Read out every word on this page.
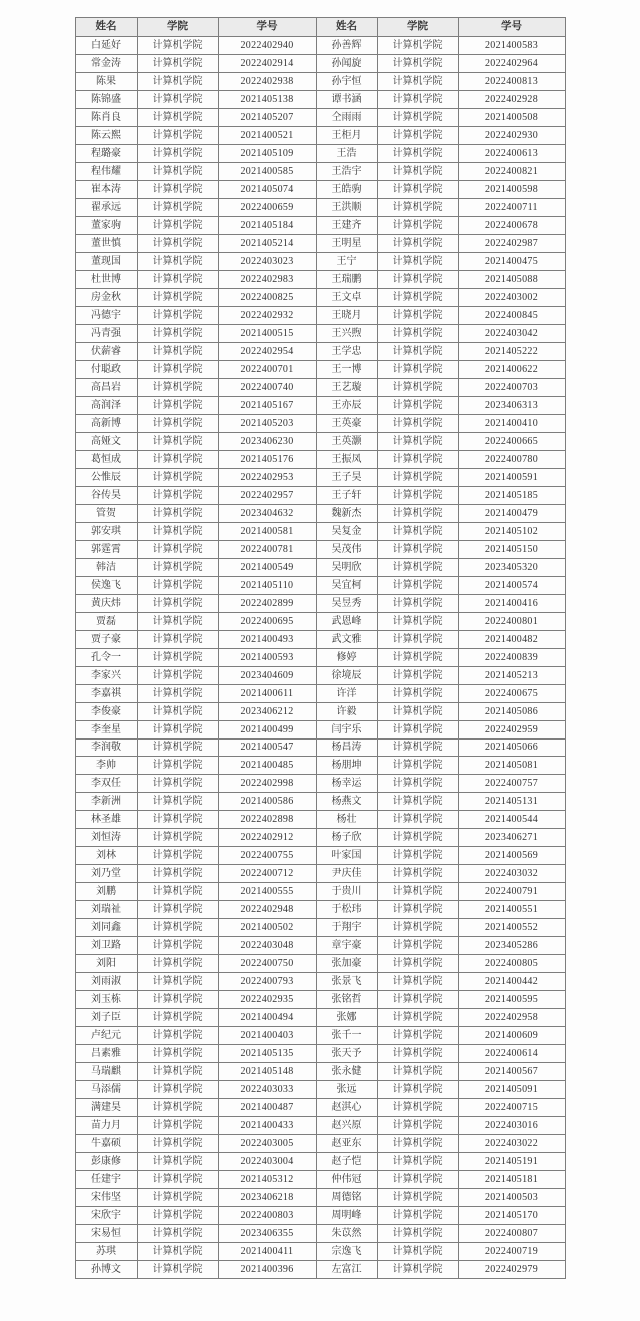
姓名	学院	学号	姓名	学院	学号
白延好	计算机学院	2022402940	孙善辉	计算机学院	2021400583
常金涛	计算机学院	2022402914	孙闻旋	计算机学院	2022402964
陈果	计算机学院	2022402938	孙宇恒	计算机学院	2022400813
陈锦盛	计算机学院	2021405138	谭书涵	计算机学院	2022402928
陈肖良	计算机学院	2021405207	仝雨雨	计算机学院	2021400508
陈云熙	计算机学院	2021400521	王柜月	计算机学院	2022402930
程璐豪	计算机学院	2021405109	王浩	计算机学院	2022400613
程伟耀	计算机学院	2021400585	王浩宇	计算机学院	2022400821
崔本涛	计算机学院	2021405074	王皓驹	计算机学院	2021400598
翟承远	计算机学院	2022400659	王洪顺	计算机学院	2022400711
董家驹	计算机学院	2021405184	王建齐	计算机学院	2022400678
董世慎	计算机学院	2021405214	王明星	计算机学院	2022402987
董现国	计算机学院	2022403023	王宁	计算机学院	2021400475
杜世博	计算机学院	2022402983	王瑞鹏	计算机学院	2021405088
房金秋	计算机学院	2022400825	王文卓	计算机学院	2022403002
冯德宇	计算机学院	2022402932	王晓月	计算机学院	2022400845
冯青强	计算机学院	2021400515	王兴煦	计算机学院	2022403042
伏薪睿	计算机学院	2022402954	王学忠	计算机学院	2021405222
付聪政	计算机学院	2022400701	王一博	计算机学院	2021400622
高昌岩	计算机学院	2022400740	王艺璇	计算机学院	2022400703
高润泽	计算机学院	2021405167	王亦辰	计算机学院	2023406313
高新博	计算机学院	2021405203	王英豪	计算机学院	2021400410
高娅文	计算机学院	2023406230	王英灏	计算机学院	2022400665
葛恒成	计算机学院	2021405176	王振凤	计算机学院	2022400780
公惟辰	计算机学院	2022402953	王子昊	计算机学院	2021400591
谷传昊	计算机学院	2022402957	王子轩	计算机学院	2021405185
管贺	计算机学院	2023404632	魏新杰	计算机学院	2021400479
郭安琪	计算机学院	2021400581	吴复金	计算机学院	2021405102
郭霆霄	计算机学院	2022400781	吴茂伟	计算机学院	2021405150
韩洁	计算机学院	2021400549	吴明欣	计算机学院	2023405320
侯逸飞	计算机学院	2021405110	吴宜柯	计算机学院	2021400574
黄庆炜	计算机学院	2022402899	吴昱秀	计算机学院	2021400416
贾磊	计算机学院	2022400695	武恩峰	计算机学院	2022400801
贾子豪	计算机学院	2021400493	武文雅	计算机学院	2021400482
孔令一	计算机学院	2021400593	修婷	计算机学院	2022400839
李家兴	计算机学院	2023404609	徐境辰	计算机学院	2021405213
李嘉祺	计算机学院	2021400611	许洋	计算机学院	2022400675
李俊豪	计算机学院	2023406212	许毅	计算机学院	2021405086
李奎星	计算机学院	2021400499	闫宇乐	计算机学院	2022402959
李润敬	计算机学院	2021400547	杨昌涛	计算机学院	2021405066
李帅	计算机学院	2021400485	杨朋坤	计算机学院	2021405081
李双任	计算机学院	2022402998	杨幸运	计算机学院	2022400757
李新洲	计算机学院	2021400586	杨燕文	计算机学院	2021405131
林圣雄	计算机学院	2022402898	杨壮	计算机学院	2021400544
刘恒涛	计算机学院	2022402912	杨子欣	计算机学院	2023406271
刘林	计算机学院	2022400755	叶家国	计算机学院	2021400569
刘乃堂	计算机学院	2022400712	尹庆佳	计算机学院	2022403032
刘鹏	计算机学院	2021400555	于贵川	计算机学院	2022400791
刘瑞祉	计算机学院	2022402948	于松玮	计算机学院	2021400551
刘同鑫	计算机学院	2021400502	于翔宇	计算机学院	2021400552
刘卫路	计算机学院	2022403048	章宇豪	计算机学院	2023405286
刘阳	计算机学院	2022400750	张加豪	计算机学院	2022400805
刘雨淑	计算机学院	2022400793	张景飞	计算机学院	2021400442
刘玉栋	计算机学院	2022402935	张铭哲	计算机学院	2021400595
刘子臣	计算机学院	2021400494	张娜	计算机学院	2022402958
卢纪元	计算机学院	2021400403	张千一	计算机学院	2021400609
吕素雅	计算机学院	2021405135	张天予	计算机学院	2022400614
马瑞麒	计算机学院	2021405148	张永健	计算机学院	2021400567
马添儒	计算机学院	2022403033	张远	计算机学院	2021405091
满建昊	计算机学院	2021400487	赵淇心	计算机学院	2022400715
苗力月	计算机学院	2021400433	赵兴原	计算机学院	2022403016
牛嘉硕	计算机学院	2022403005	赵亚东	计算机学院	2022403022
彭康修	计算机学院	2022403004	赵子恺	计算机学院	2021405191
任建宇	计算机学院	2021405312	仲伟冠	计算机学院	2021405181
宋伟坚	计算机学院	2023406218	周德铭	计算机学院	2021400503
宋欣宇	计算机学院	2022400803	周明峰	计算机学院	2021405170
宋易恒	计算机学院	2023406355	朱苡然	计算机学院	2022400807
苏琪	计算机学院	2021400411	宗逸飞	计算机学院	2022400719
孙博文	计算机学院	2021400396	左富江	计算机学院	2022402979
